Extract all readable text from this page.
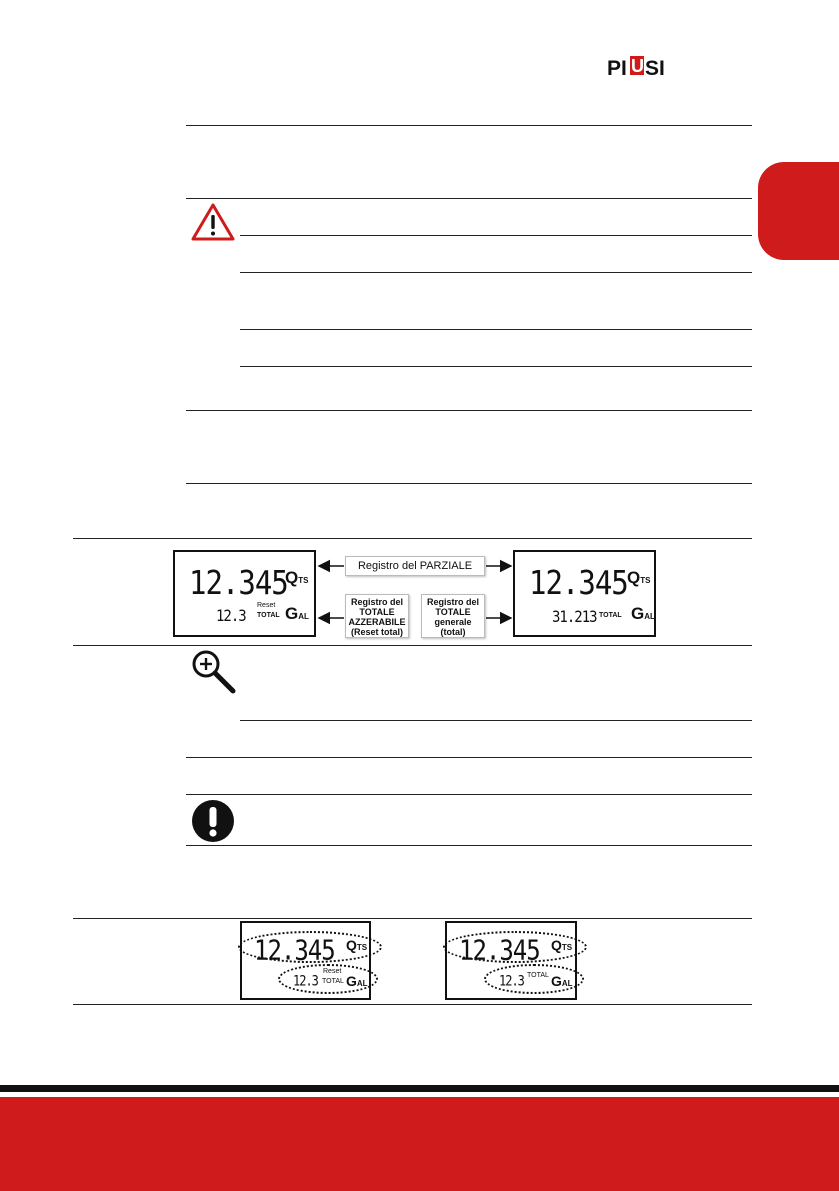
PI U SI
12.345
QTS
12.3
Reset
TOTAL GAL
12.345 QTS
31.213 TOTAL GAL
Registro del PARZIALE
Registro del
TOTALE
AZZERABILE
(Reset total)
Registro del
TOTALE
generale
(total)
12.345 QTS
12.3
Reset
TOTAL GAL
12.345 QTS
12.3 TOTAL GAL
